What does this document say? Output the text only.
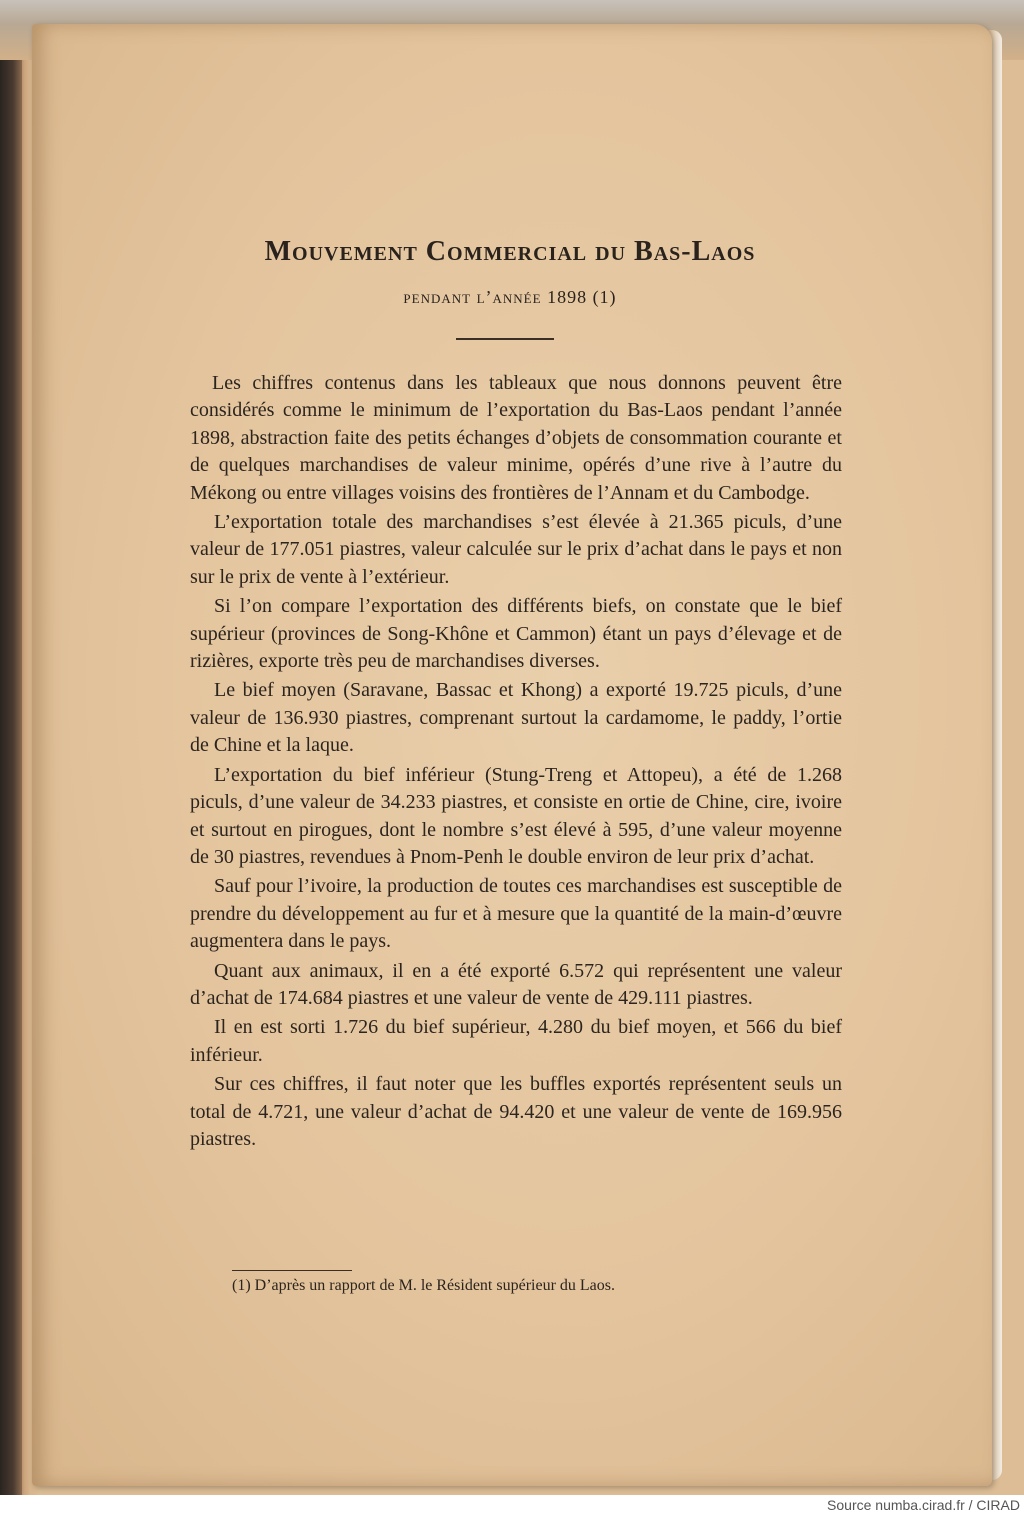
Mouvement Commercial du Bas-Laos
pendant l’année 1898 (1)

Les chiffres contenus dans les tableaux que nous donnons peuvent être considérés comme le minimum de l’exportation du Bas-Laos pendant l’année 1898, abstraction faite des petits échanges d’objets de consommation courante et de quelques marchandises de valeur minime, opérés d’une rive à l’autre du Mékong ou entre villages voisins des frontières de l’Annam et du Cambodge.

L’exportation totale des marchandises s’est élevée à 21.365 piculs, d’une valeur de 177.051 piastres, valeur calculée sur le prix d’achat dans le pays et non sur le prix de vente à l’extérieur.

Si l’on compare l’exportation des différents biefs, on constate que le bief supérieur (provinces de Song-Khône et Cammon) étant un pays d’élevage et de rizières, exporte très peu de marchandises diverses.

Le bief moyen (Saravane, Bassac et Khong) a exporté 19.725 piculs, d’une valeur de 136.930 piastres, comprenant surtout la cardamome, le paddy, l’ortie de Chine et la laque.

L’exportation du bief inférieur (Stung-Treng et Attopeu), a été de 1.268 piculs, d’une valeur de 34.233 piastres, et consiste en ortie de Chine, cire, ivoire et surtout en pirogues, dont le nombre s’est élevé à 595, d’une valeur moyenne de 30 piastres, revendues à Pnom-Penh le double environ de leur prix d’achat.

Sauf pour l’ivoire, la production de toutes ces marchandises est susceptible de prendre du développement au fur et à mesure que la quantité de la main-d’œuvre augmentera dans le pays.

Quant aux animaux, il en a été exporté 6.572 qui représentent une valeur d’achat de 174.684 piastres et une valeur de vente de 429.111 piastres.

Il en est sorti 1.726 du bief supérieur, 4.280 du bief moyen, et 566 du bief inférieur.

Sur ces chiffres, il faut noter que les buffles exportés représentent seuls un total de 4.721, une valeur d’achat de 94.420 et une valeur de vente de 169.956 piastres.

(1) D’après un rapport de M. le Résident supérieur du Laos.
Source numba.cirad.fr / CIRAD
